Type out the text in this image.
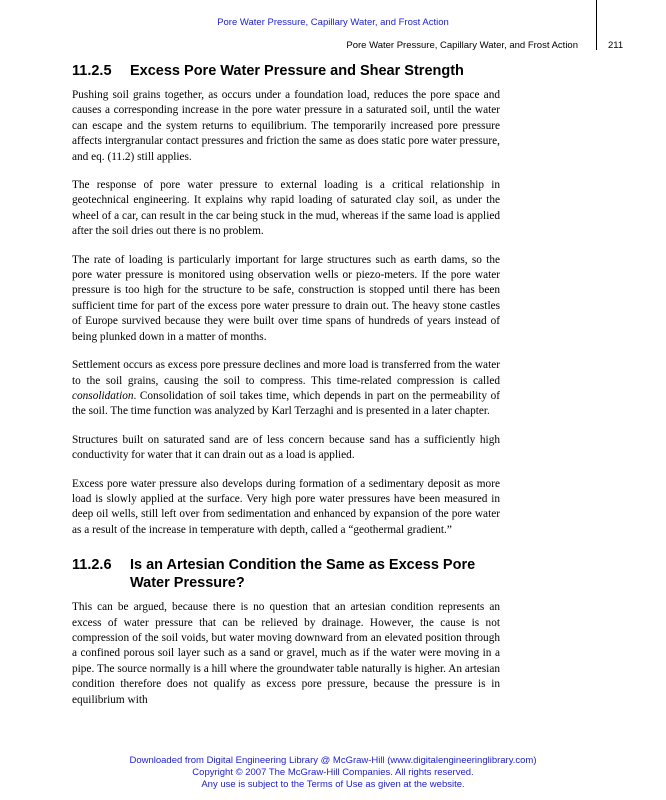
Pore Water Pressure, Capillary Water, and Frost Action
Pore Water Pressure, Capillary Water, and Frost Action	211
11.2.5	Excess Pore Water Pressure and Shear Strength

Pushing soil grains together, as occurs under a foundation load, reduces the pore space and causes a corresponding increase in the pore water pressure in a saturated soil, until the water can escape and the system returns to equilibrium. The temporarily increased pore pressure affects intergranular contact pressures and friction the same as does static pore water pressure, and eq. (11.2) still applies.

The response of pore water pressure to external loading is a critical relationship in geotechnical engineering. It explains why rapid loading of saturated clay soil, as under the wheel of a car, can result in the car being stuck in the mud, whereas if the same load is applied after the soil dries out there is no problem.

The rate of loading is particularly important for large structures such as earth dams, so the pore water pressure is monitored using observation wells or piezo-meters. If the pore water pressure is too high for the structure to be safe, construction is stopped until there has been sufficient time for part of the excess pore water pressure to drain out. The heavy stone castles of Europe survived because they were built over time spans of hundreds of years instead of being plunked down in a matter of months.

Settlement occurs as excess pore pressure declines and more load is transferred from the water to the soil grains, causing the soil to compress. This time-related compression is called consolidation. Consolidation of soil takes time, which depends in part on the permeability of the soil. The time function was analyzed by Karl Terzaghi and is presented in a later chapter.

Structures built on saturated sand are of less concern because sand has a sufficiently high conductivity for water that it can drain out as a load is applied.

Excess pore water pressure also develops during formation of a sedimentary deposit as more load is slowly applied at the surface. Very high pore water pressures have been measured in deep oil wells, still left over from sedimentation and enhanced by expansion of the pore water as a result of the increase in temperature with depth, called a “geothermal gradient.”

11.2.6	Is an Artesian Condition the Same as Excess Pore Water Pressure?

This can be argued, because there is no question that an artesian condition represents an excess of water pressure that can be relieved by drainage. However, the cause is not compression of the soil voids, but water moving downward from an elevated position through a confined porous soil layer such as a sand or gravel, much as if the water were moving in a pipe. The source normally is a hill where the groundwater table naturally is higher. An artesian condition therefore does not qualify as excess pore pressure, because the pressure is in equilibrium with

Downloaded from Digital Engineering Library @ McGraw-Hill (www.digitalengineeringlibrary.com)
Copyright © 2007 The McGraw-Hill Companies. All rights reserved.
Any use is subject to the Terms of Use as given at the website.
